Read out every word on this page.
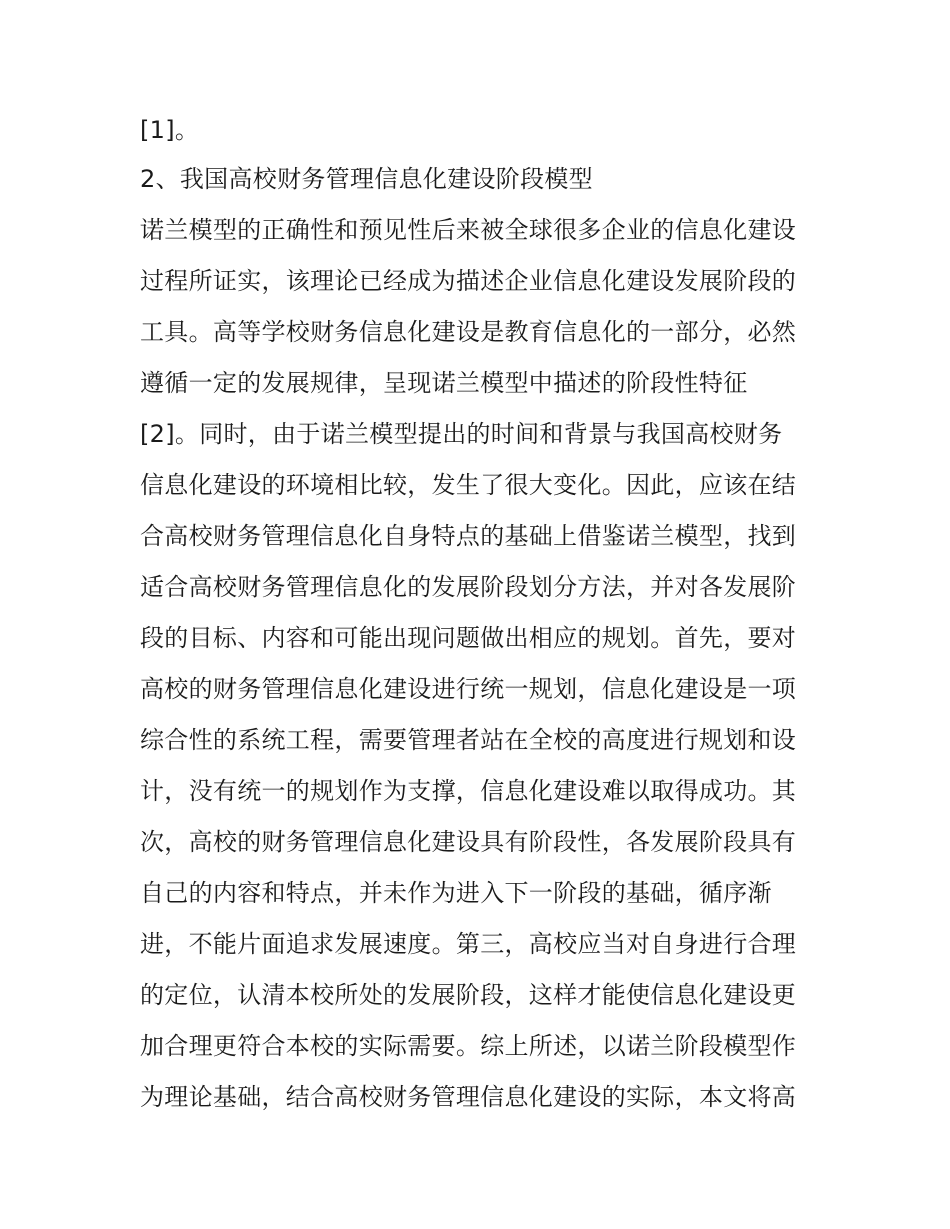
[1]。

2、我国高校财务管理信息化建设阶段模型

诺兰模型的正确性和预见性后来被全球很多企业的信息化建设

过程所证实，该理论已经成为描述企业信息化建设发展阶段的

工具。高等学校财务信息化建设是教育信息化的一部分，必然

遵循一定的发展规律，呈现诺兰模型中描述的阶段性特征

[2]。同时，由于诺兰模型提出的时间和背景与我国高校财务

信息化建设的环境相比较，发生了很大变化。因此，应该在结

合高校财务管理信息化自身特点的基础上借鉴诺兰模型，找到

适合高校财务管理信息化的发展阶段划分方法，并对各发展阶

段的目标、内容和可能出现问题做出相应的规划。首先，要对

高校的财务管理信息化建设进行统一规划，信息化建设是一项

综合性的系统工程，需要管理者站在全校的高度进行规划和设

计，没有统一的规划作为支撑，信息化建设难以取得成功。其

次，高校的财务管理信息化建设具有阶段性，各发展阶段具有

自己的内容和特点，并未作为进入下一阶段的基础，循序渐

进，不能片面追求发展速度。第三，高校应当对自身进行合理

的定位，认清本校所处的发展阶段，这样才能使信息化建设更

加合理更符合本校的实际需要。综上所述，以诺兰阶段模型作

为理论基础，结合高校财务管理信息化建设的实际，本文将高
